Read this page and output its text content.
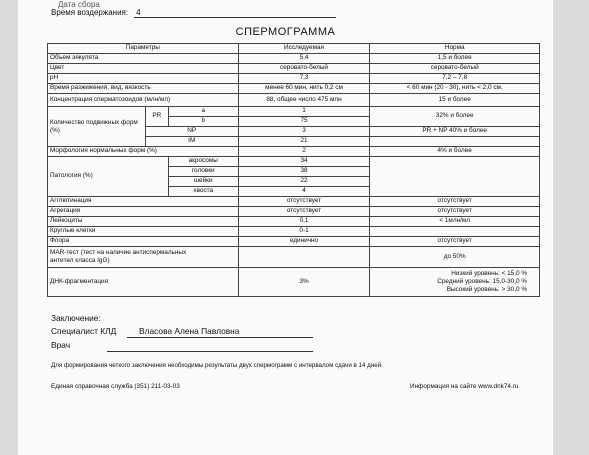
Дата сбора
Время воздержания: 4
СПЕРМОГРАММА
Параметры			Исследуемая	Норма
Объем эякулята			5,4	1,5 и более
Цвет			серовато-белый	серовато-белый
pH			7,3	7,2 – 7,8
Время разжижения, вид, вязкость			менее 60 мин, нить 0,2 см	< 60 мин (20 - 30), нить < 2,0 см.
Концентрация сперматозоидов (млн/мл)			88, общее число 475 млн	15 и более
Количество подвижных форм (%)	PR	a	1	32% и более
		b	75	
	NP		3	PR + NP 40% и более
	IM		21	
Морфология нормальных форм (%)			2	4% и более
Патология (%)		акросомы	34	
		головки	38	
		шейки	22	
		хвоста	4	
Агглютинация			отсутствует	отсутствует
Агрегация			отсутствует	отсутствует
Лейкоциты			0,1	< 1млн/мл
Круглые клетки			0-1	
Флора			единично	отсутствует
MAR-тест (тест на наличие антиспермальных
антител класса IgG)				до 50%
ДНК-фрагментация			3%	Низкий уровень: < 15,0 %
Средний уровень: 15,0-30,0 %
Высокий уровень: > 30,0 %
Заключение:
Специалист КЛД	Власова Алена Павловна
Врач
Для формирования четкого заключения необходимы результаты двух спермограмм с интервалом сдачи в 14 дней.
Единая справочная служба (351) 211-03-03	Информация на сайте www.dnk74.ru
